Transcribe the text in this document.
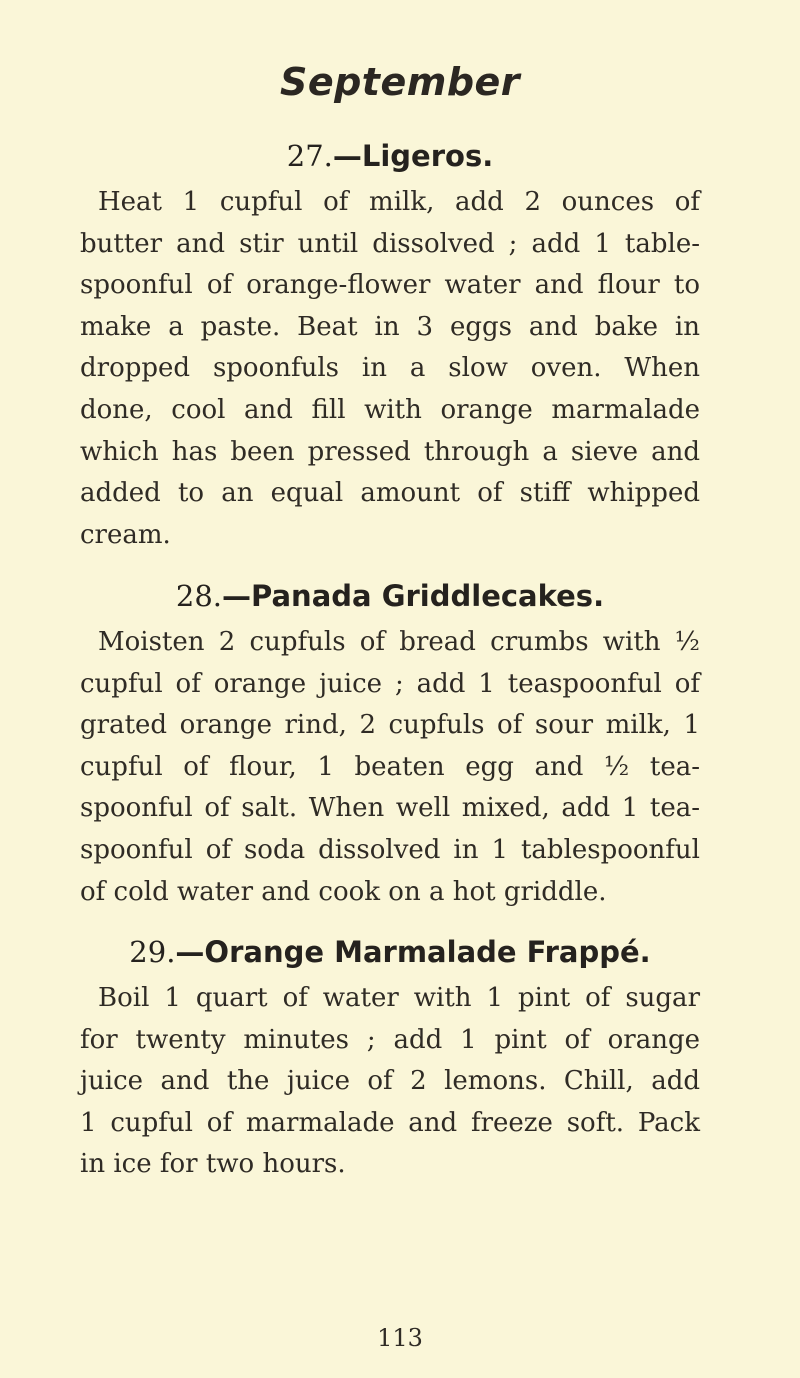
September
27.—Ligeros.
Heat 1 cupful of milk, add 2 ounces of
butter and stir until dissolved ; add 1 table-
spoonful of orange-flower water and flour to
make a paste. Beat in 3 eggs and bake in
dropped spoonfuls in a slow oven. When
done, cool and fill with orange marmalade
which has been pressed through a sieve and
added to an equal amount of stiff whipped
cream.
28.—Panada Griddlecakes.
Moisten 2 cupfuls of bread crumbs with ½
cupful of orange juice ; add 1 teaspoonful of
grated orange rind, 2 cupfuls of sour milk, 1
cupful of flour, 1 beaten egg and ½ tea-
spoonful of salt. When well mixed, add 1 tea-
spoonful of soda dissolved in 1 tablespoonful
of cold water and cook on a hot griddle.
29.—Orange Marmalade Frappé.
Boil 1 quart of water with 1 pint of sugar
for twenty minutes ; add 1 pint of orange
juice and the juice of 2 lemons. Chill, add
1 cupful of marmalade and freeze soft. Pack
in ice for two hours.
113
